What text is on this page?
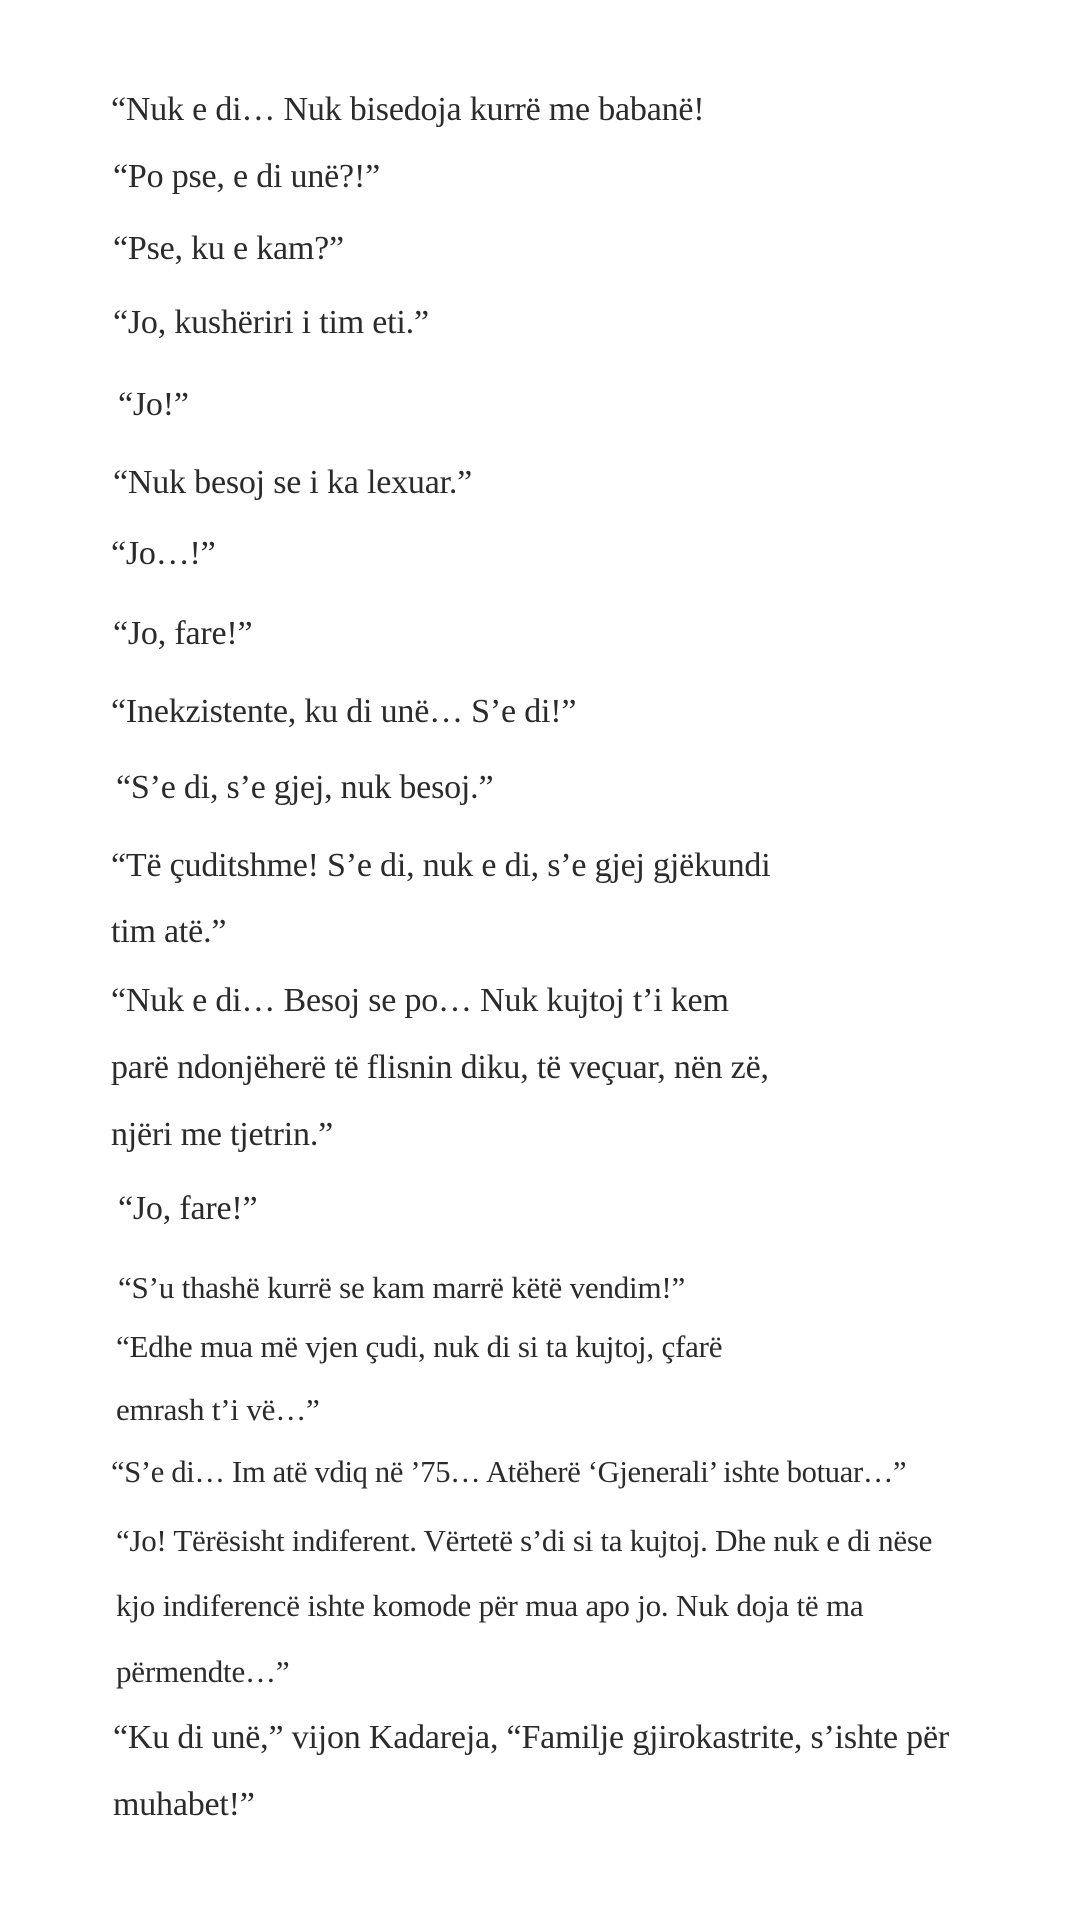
“Nuk e di… Nuk bisedoja kurrë me babanë!
“Po pse, e di unë?!”
“Pse, ku e kam?”
“Jo, kushëriri i tim eti.”
“Jo!”
“Nuk besoj se i ka lexuar.”
“Jo…!”
“Jo, fare!”
“Inekzistente, ku di unë… S’e di!”
“S’e di, s’e gjej, nuk besoj.”
“Të çuditshme! S’e di, nuk e di, s’e gjej gjëkundi
tim atë.”
“Nuk e di… Besoj se po… Nuk kujtoj t’i kem
parë ndonjëherë të flisnin diku, të veçuar, nën zë,
njëri me tjetrin.”
“Jo, fare!”
“S’u thashë kurrë se kam marrë këtë vendim!”
“Edhe mua më vjen çudi, nuk di si ta kujtoj, çfarë
emrash t’i vë…”
“S’e di… Im atë vdiq në ’75… Atëherë ‘Gjenerali’ ishte botuar…”
“Jo! Tërësisht indiferent. Vërtetë s’di si ta kujtoj. Dhe nuk e di nëse
kjo indiferencë ishte komode për mua apo jo. Nuk doja të ma
përmendte…”
“Ku di unë,” vijon Kadareja, “Familje gjirokastrite, s’ishte për
muhabet!”
